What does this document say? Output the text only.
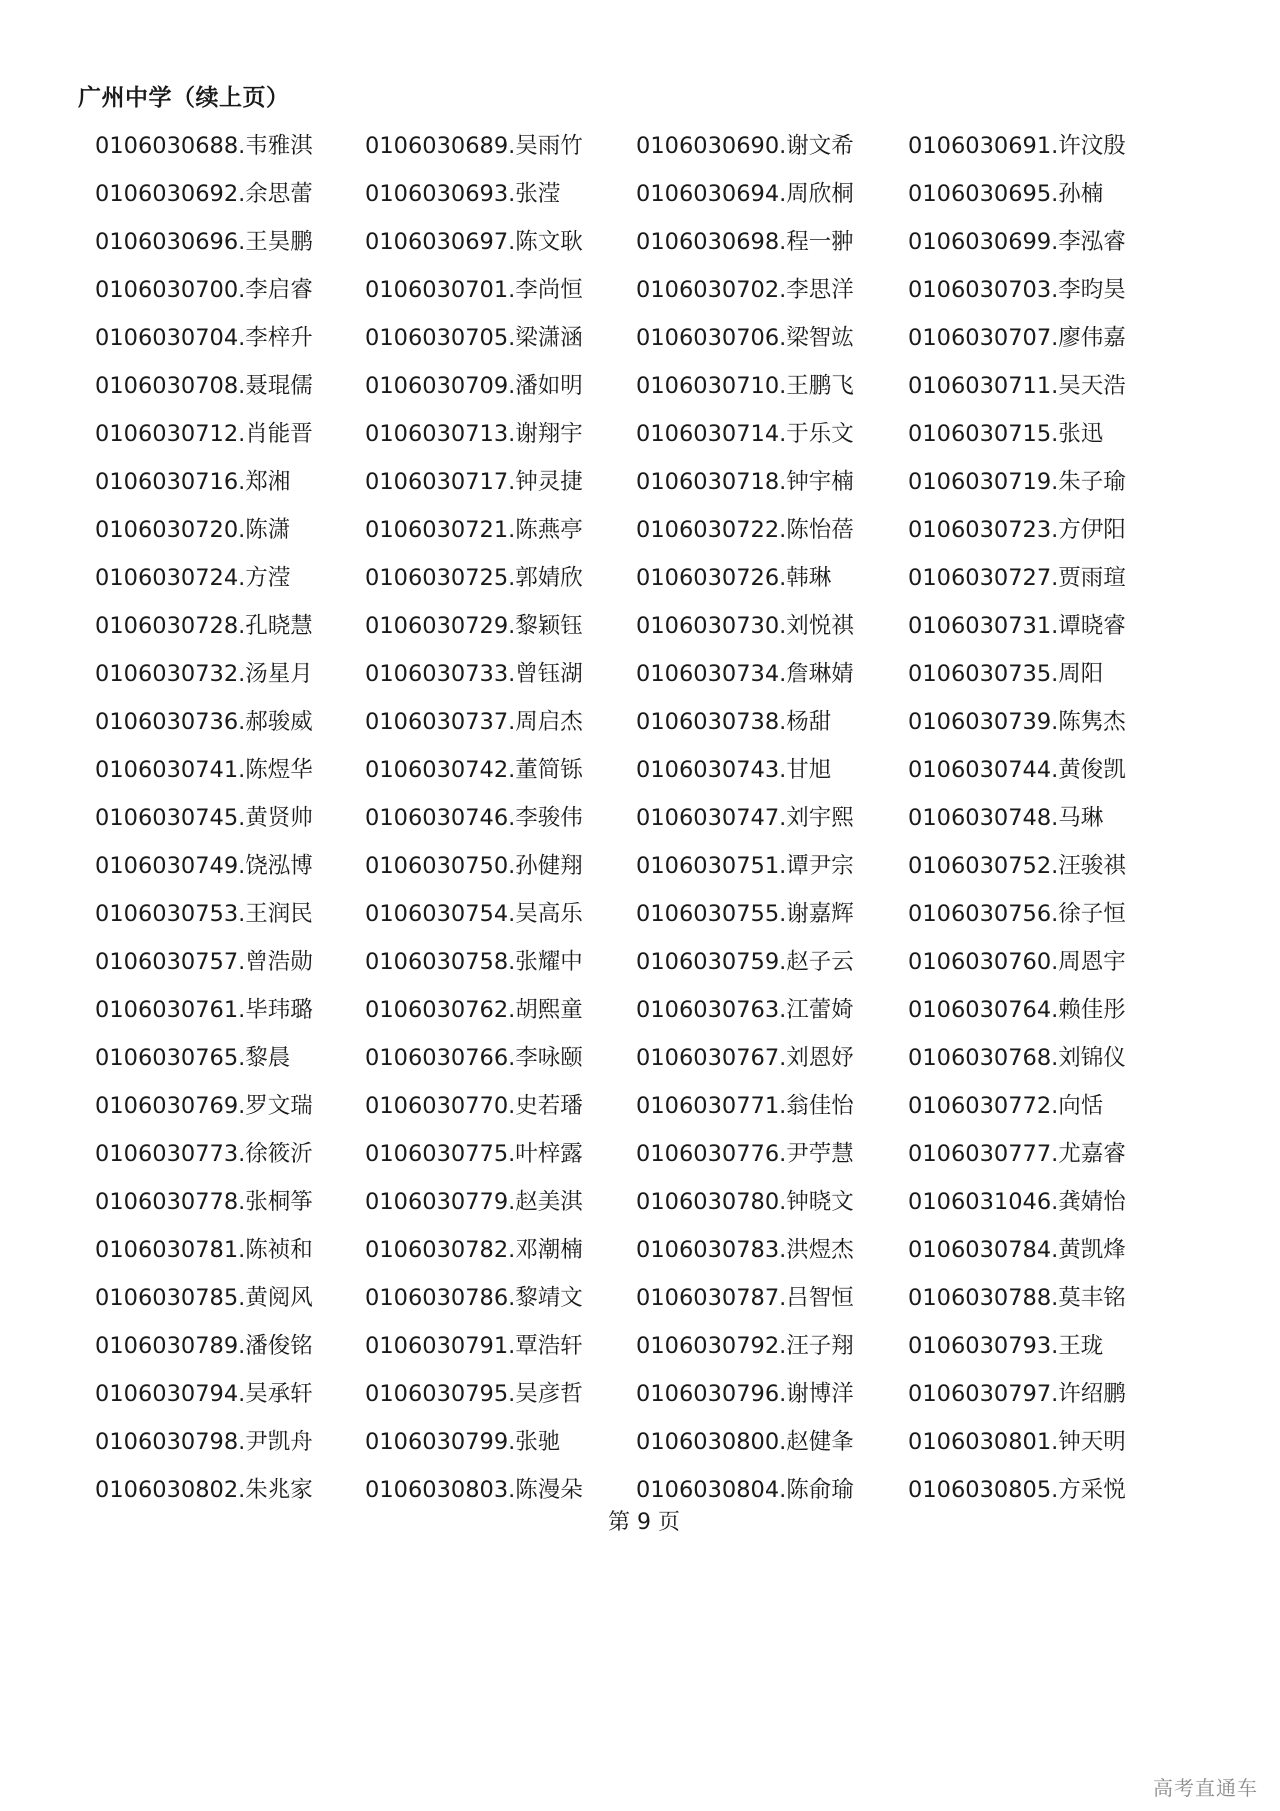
广州中学（续上页）
0106030688.韦雅淇	0106030689.吴雨竹	0106030690.谢文希	0106030691.许汶殷
0106030692.余思蕾	0106030693.张滢	0106030694.周欣桐	0106030695.孙楠
0106030696.王昊鹏	0106030697.陈文耿	0106030698.程一翀	0106030699.李泓睿
0106030700.李启睿	0106030701.李尚恒	0106030702.李思洋	0106030703.李昀昊
0106030704.李梓升	0106030705.梁潇涵	0106030706.梁智竑	0106030707.廖伟嘉
0106030708.聂琨儒	0106030709.潘如明	0106030710.王鹏飞	0106030711.吴天浩
0106030712.肖能晋	0106030713.谢翔宇	0106030714.于乐文	0106030715.张迅
0106030716.郑湘	0106030717.钟灵捷	0106030718.钟宇楠	0106030719.朱子瑜
0106030720.陈潇	0106030721.陈燕亭	0106030722.陈怡蓓	0106030723.方伊阳
0106030724.方滢	0106030725.郭婧欣	0106030726.韩琳	0106030727.贾雨瑄
0106030728.孔晓慧	0106030729.黎颖钰	0106030730.刘悦祺	0106030731.谭晓睿
0106030732.汤星月	0106030733.曾钰湖	0106030734.詹琳婧	0106030735.周阳
0106030736.郝骏威	0106030737.周启杰	0106030738.杨甜	0106030739.陈隽杰
0106030741.陈煜华	0106030742.董简铄	0106030743.甘旭	0106030744.黄俊凯
0106030745.黄贤帅	0106030746.李骏伟	0106030747.刘宇熙	0106030748.马琳
0106030749.饶泓博	0106030750.孙健翔	0106030751.谭尹宗	0106030752.汪骏祺
0106030753.王润民	0106030754.吴高乐	0106030755.谢嘉辉	0106030756.徐子恒
0106030757.曾浩勋	0106030758.张耀中	0106030759.赵子云	0106030760.周恩宇
0106030761.毕玮璐	0106030762.胡熙童	0106030763.江蕾婍	0106030764.赖佳彤
0106030765.黎晨	0106030766.李咏颐	0106030767.刘恩妤	0106030768.刘锦仪
0106030769.罗文瑞	0106030770.史若璠	0106030771.翁佳怡	0106030772.向恬
0106030773.徐筱沂	0106030775.叶梓露	0106030776.尹苧慧	0106030777.尤嘉睿
0106030778.张桐筝	0106030779.赵美淇	0106030780.钟晓文	0106031046.龚婧怡
0106030781.陈祯和	0106030782.邓潮楠	0106030783.洪煜杰	0106030784.黄凯烽
0106030785.黄阅风	0106030786.黎靖文	0106030787.吕智恒	0106030788.莫丰铭
0106030789.潘俊铭	0106030791.覃浩轩	0106030792.汪子翔	0106030793.王珑
0106030794.吴承轩	0106030795.吴彦哲	0106030796.谢博洋	0106030797.许绍鹏
0106030798.尹凯舟	0106030799.张驰	0106030800.赵健夆	0106030801.钟天明
0106030802.朱兆家	0106030803.陈漫朵	0106030804.陈俞瑜	0106030805.方采悦
第 9 页
高考直通车
